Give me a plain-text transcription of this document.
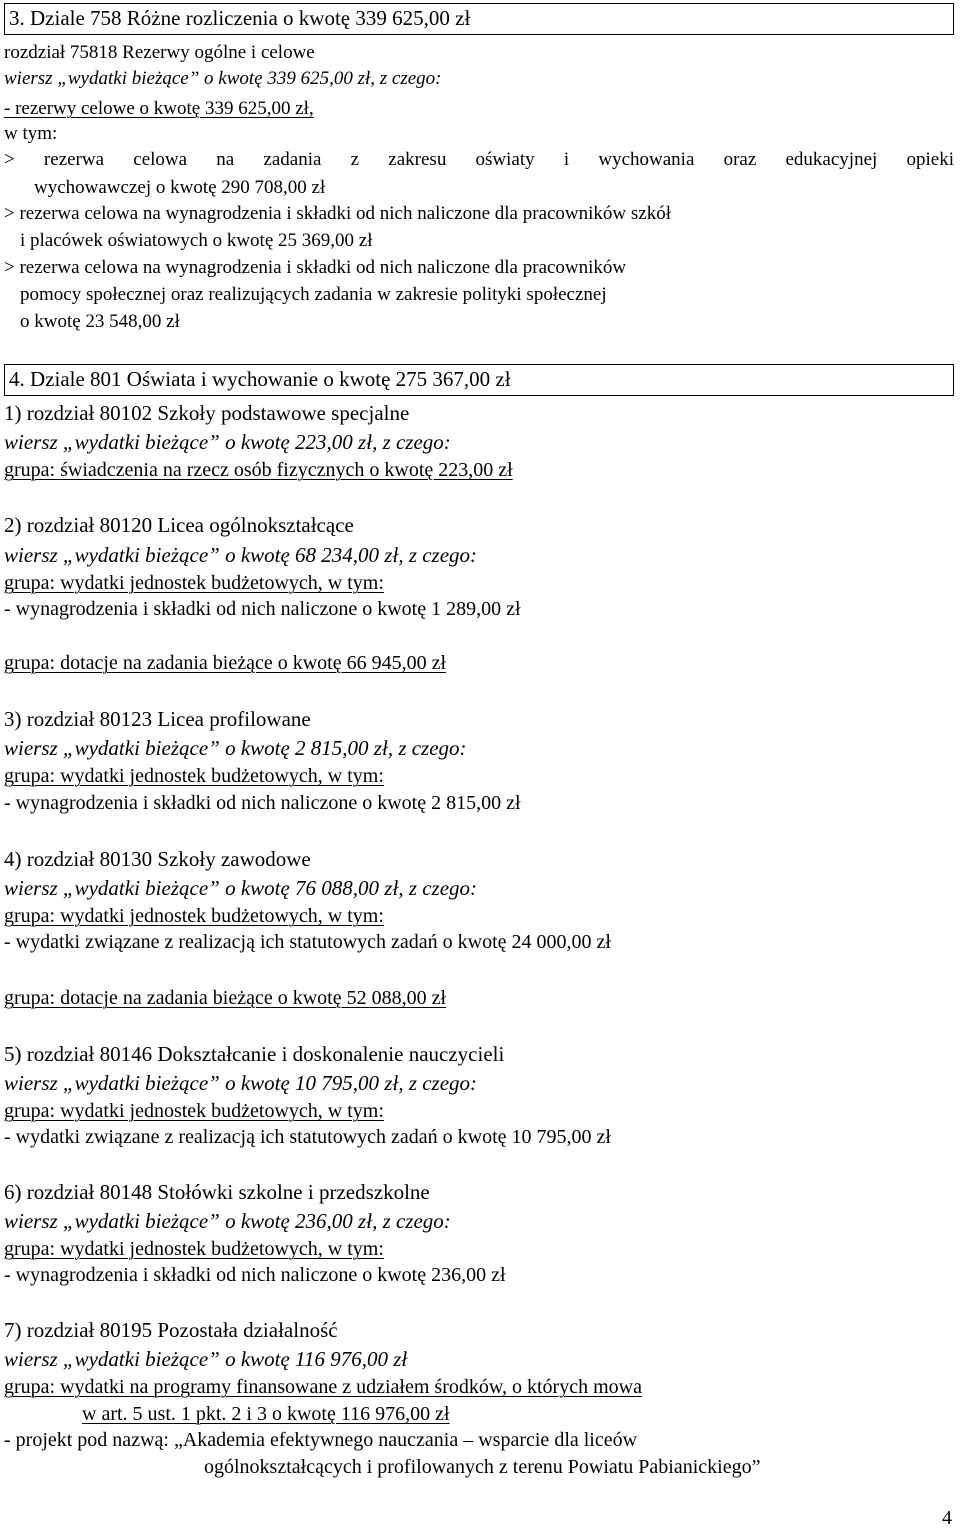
3. Dziale 758 Różne rozliczenia o kwotę 339 625,00 zł
rozdział 75818 Rezerwy ogólne i celowe
wiersz „wydatki bieżące” o kwotę 339 625,00 zł, z czego:
- rezerwy celowe o kwotę 339 625,00 zł,
w tym:
> rezerwa celowa na zadania z zakresu oświaty i wychowania oraz edukacyjnej opieki
wychowawczej o kwotę 290 708,00 zł
> rezerwa celowa na wynagrodzenia i składki od nich naliczone dla pracowników szkół
i placówek oświatowych o kwotę 25 369,00 zł
> rezerwa celowa na wynagrodzenia i składki od nich naliczone dla pracowników
pomocy społecznej oraz realizujących zadania w zakresie polityki społecznej
o kwotę 23 548,00 zł
4. Dziale 801 Oświata i wychowanie o kwotę 275 367,00 zł
1) rozdział 80102 Szkoły podstawowe specjalne
wiersz „wydatki bieżące” o kwotę 223,00 zł, z czego:
grupa: świadczenia na rzecz osób fizycznych o kwotę 223,00 zł
2) rozdział 80120 Licea ogólnokształcące
wiersz „wydatki bieżące” o kwotę 68 234,00 zł, z czego:
grupa: wydatki jednostek budżetowych, w tym:
- wynagrodzenia i składki od nich naliczone o kwotę 1 289,00 zł
grupa: dotacje na zadania bieżące o kwotę 66 945,00 zł
3) rozdział 80123 Licea profilowane
wiersz „wydatki bieżące” o kwotę 2 815,00 zł, z czego:
grupa: wydatki jednostek budżetowych, w tym:
- wynagrodzenia i składki od nich naliczone o kwotę 2 815,00 zł
4) rozdział 80130 Szkoły zawodowe
wiersz „wydatki bieżące” o kwotę 76 088,00 zł, z czego:
grupa: wydatki jednostek budżetowych, w tym:
- wydatki związane z realizacją ich statutowych zadań o kwotę 24 000,00 zł
grupa: dotacje na zadania bieżące o kwotę 52 088,00 zł
5) rozdział 80146 Dokształcanie i doskonalenie nauczycieli
wiersz „wydatki bieżące” o kwotę 10 795,00 zł, z czego:
grupa: wydatki jednostek budżetowych, w tym:
- wydatki związane z realizacją ich statutowych zadań o kwotę 10 795,00 zł
6) rozdział 80148 Stołówki szkolne i przedszkolne
wiersz „wydatki bieżące” o kwotę 236,00 zł, z czego:
grupa: wydatki jednostek budżetowych, w tym:
- wynagrodzenia i składki od nich naliczone o kwotę 236,00 zł
7) rozdział 80195 Pozostała działalność
wiersz „wydatki bieżące” o kwotę 116 976,00 zł
grupa: wydatki na programy finansowane z udziałem środków, o których mowa
w art. 5 ust. 1 pkt. 2 i 3 o kwotę 116 976,00 zł
- projekt pod nazwą: „Akademia efektywnego nauczania – wsparcie dla liceów
ogólnokształcących i profilowanych z terenu Powiatu Pabianickiego”
4
